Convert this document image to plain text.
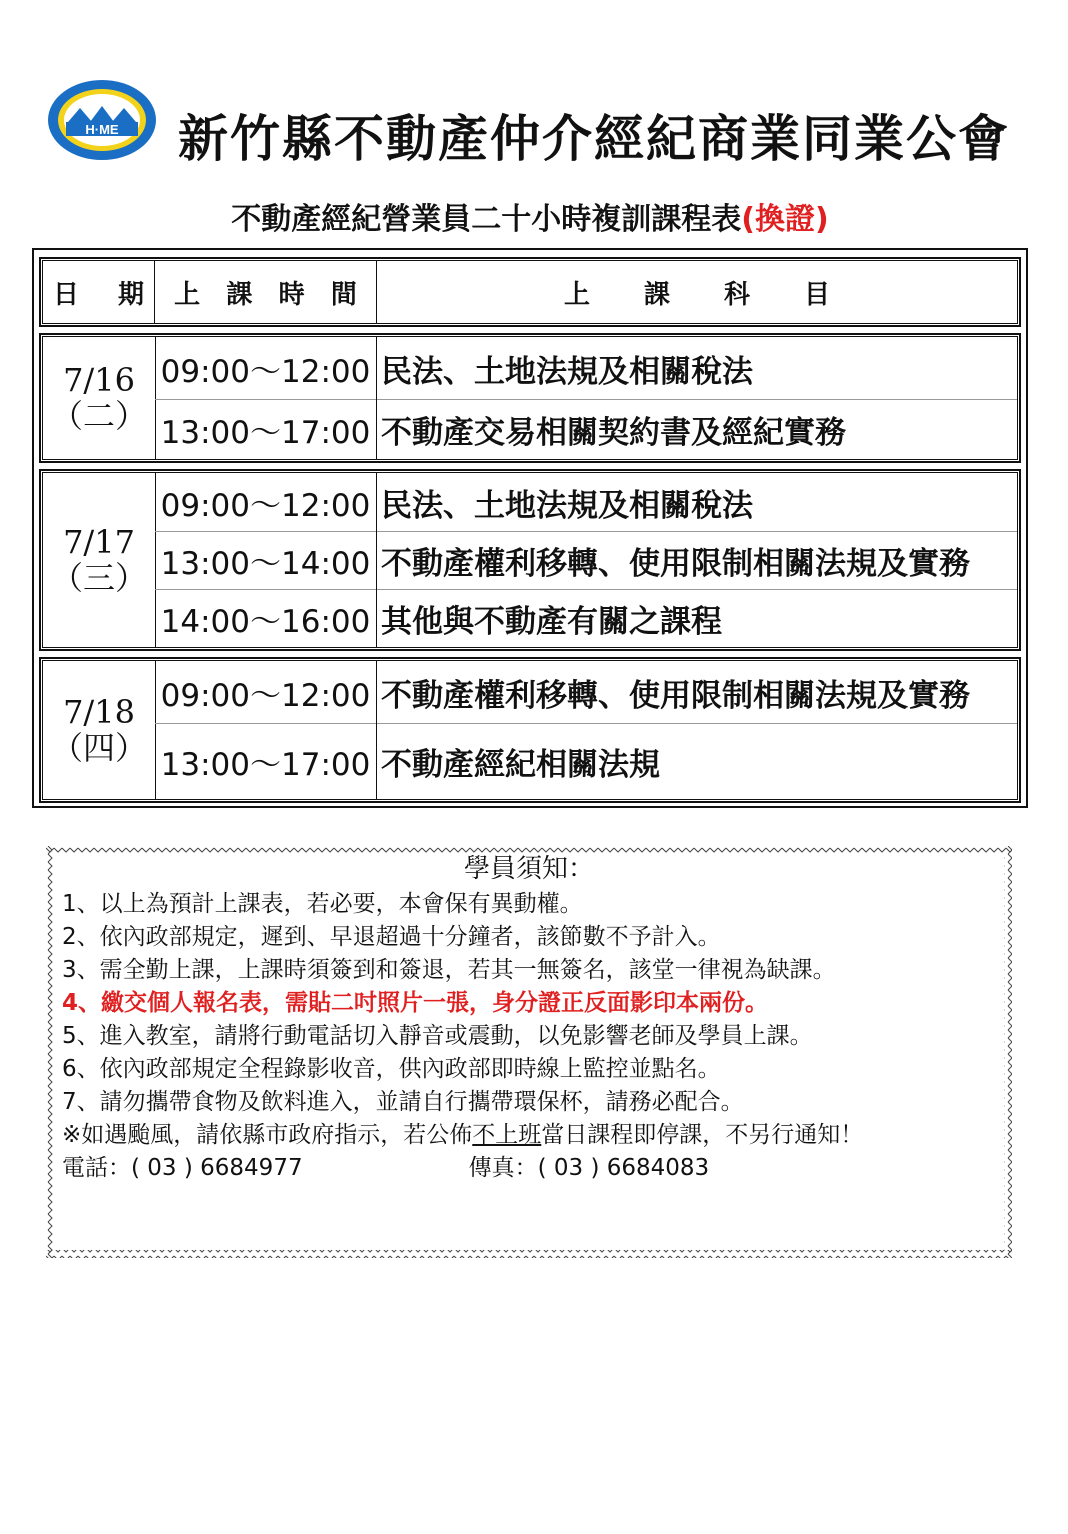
H·ME 新竹縣不動產仲介經紀商業同業公會
不動產經紀營業員二十小時複訓課程表(換證)
日 期 上 課 時 間	上 課 科 目
7/16
（二）
09:00～12:00 民法、土地法規及相關稅法
13:00～17:00 不動產交易相關契約書及經紀實務
7/17
（三）
09:00～12:00 民法、土地法規及相關稅法
13:00～14:00 不動產權利移轉、使用限制相關法規及實務
14:00～16:00 其他與不動產有關之課程
7/18
（四）
09:00～12:00 不動產權利移轉、使用限制相關法規及實務
13:00～17:00 不動產經紀相關法規
學員須知：
1、以上為預計上課表，若必要，本會保有異動權。
2、依內政部規定，遲到、早退超過十分鐘者，該節數不予計入。
3、需全勤上課，上課時須簽到和簽退，若其一無簽名，該堂一律視為缺課。
4、繳交個人報名表，需貼二吋照片一張，身分證正反面影印本兩份。
5、進入教室，請將行動電話切入靜音或震動，以免影響老師及學員上課。
6、依內政部規定全程錄影收音，供內政部即時線上監控並點名。
7、請勿攜帶食物及飲料進入，並請自行攜帶環保杯，請務必配合。
※如遇颱風，請依縣市政府指示，若公佈不上班當日課程即停課，不另行通知！
電話：( 03 ) 6684977	傳真：( 03 ) 6684083
